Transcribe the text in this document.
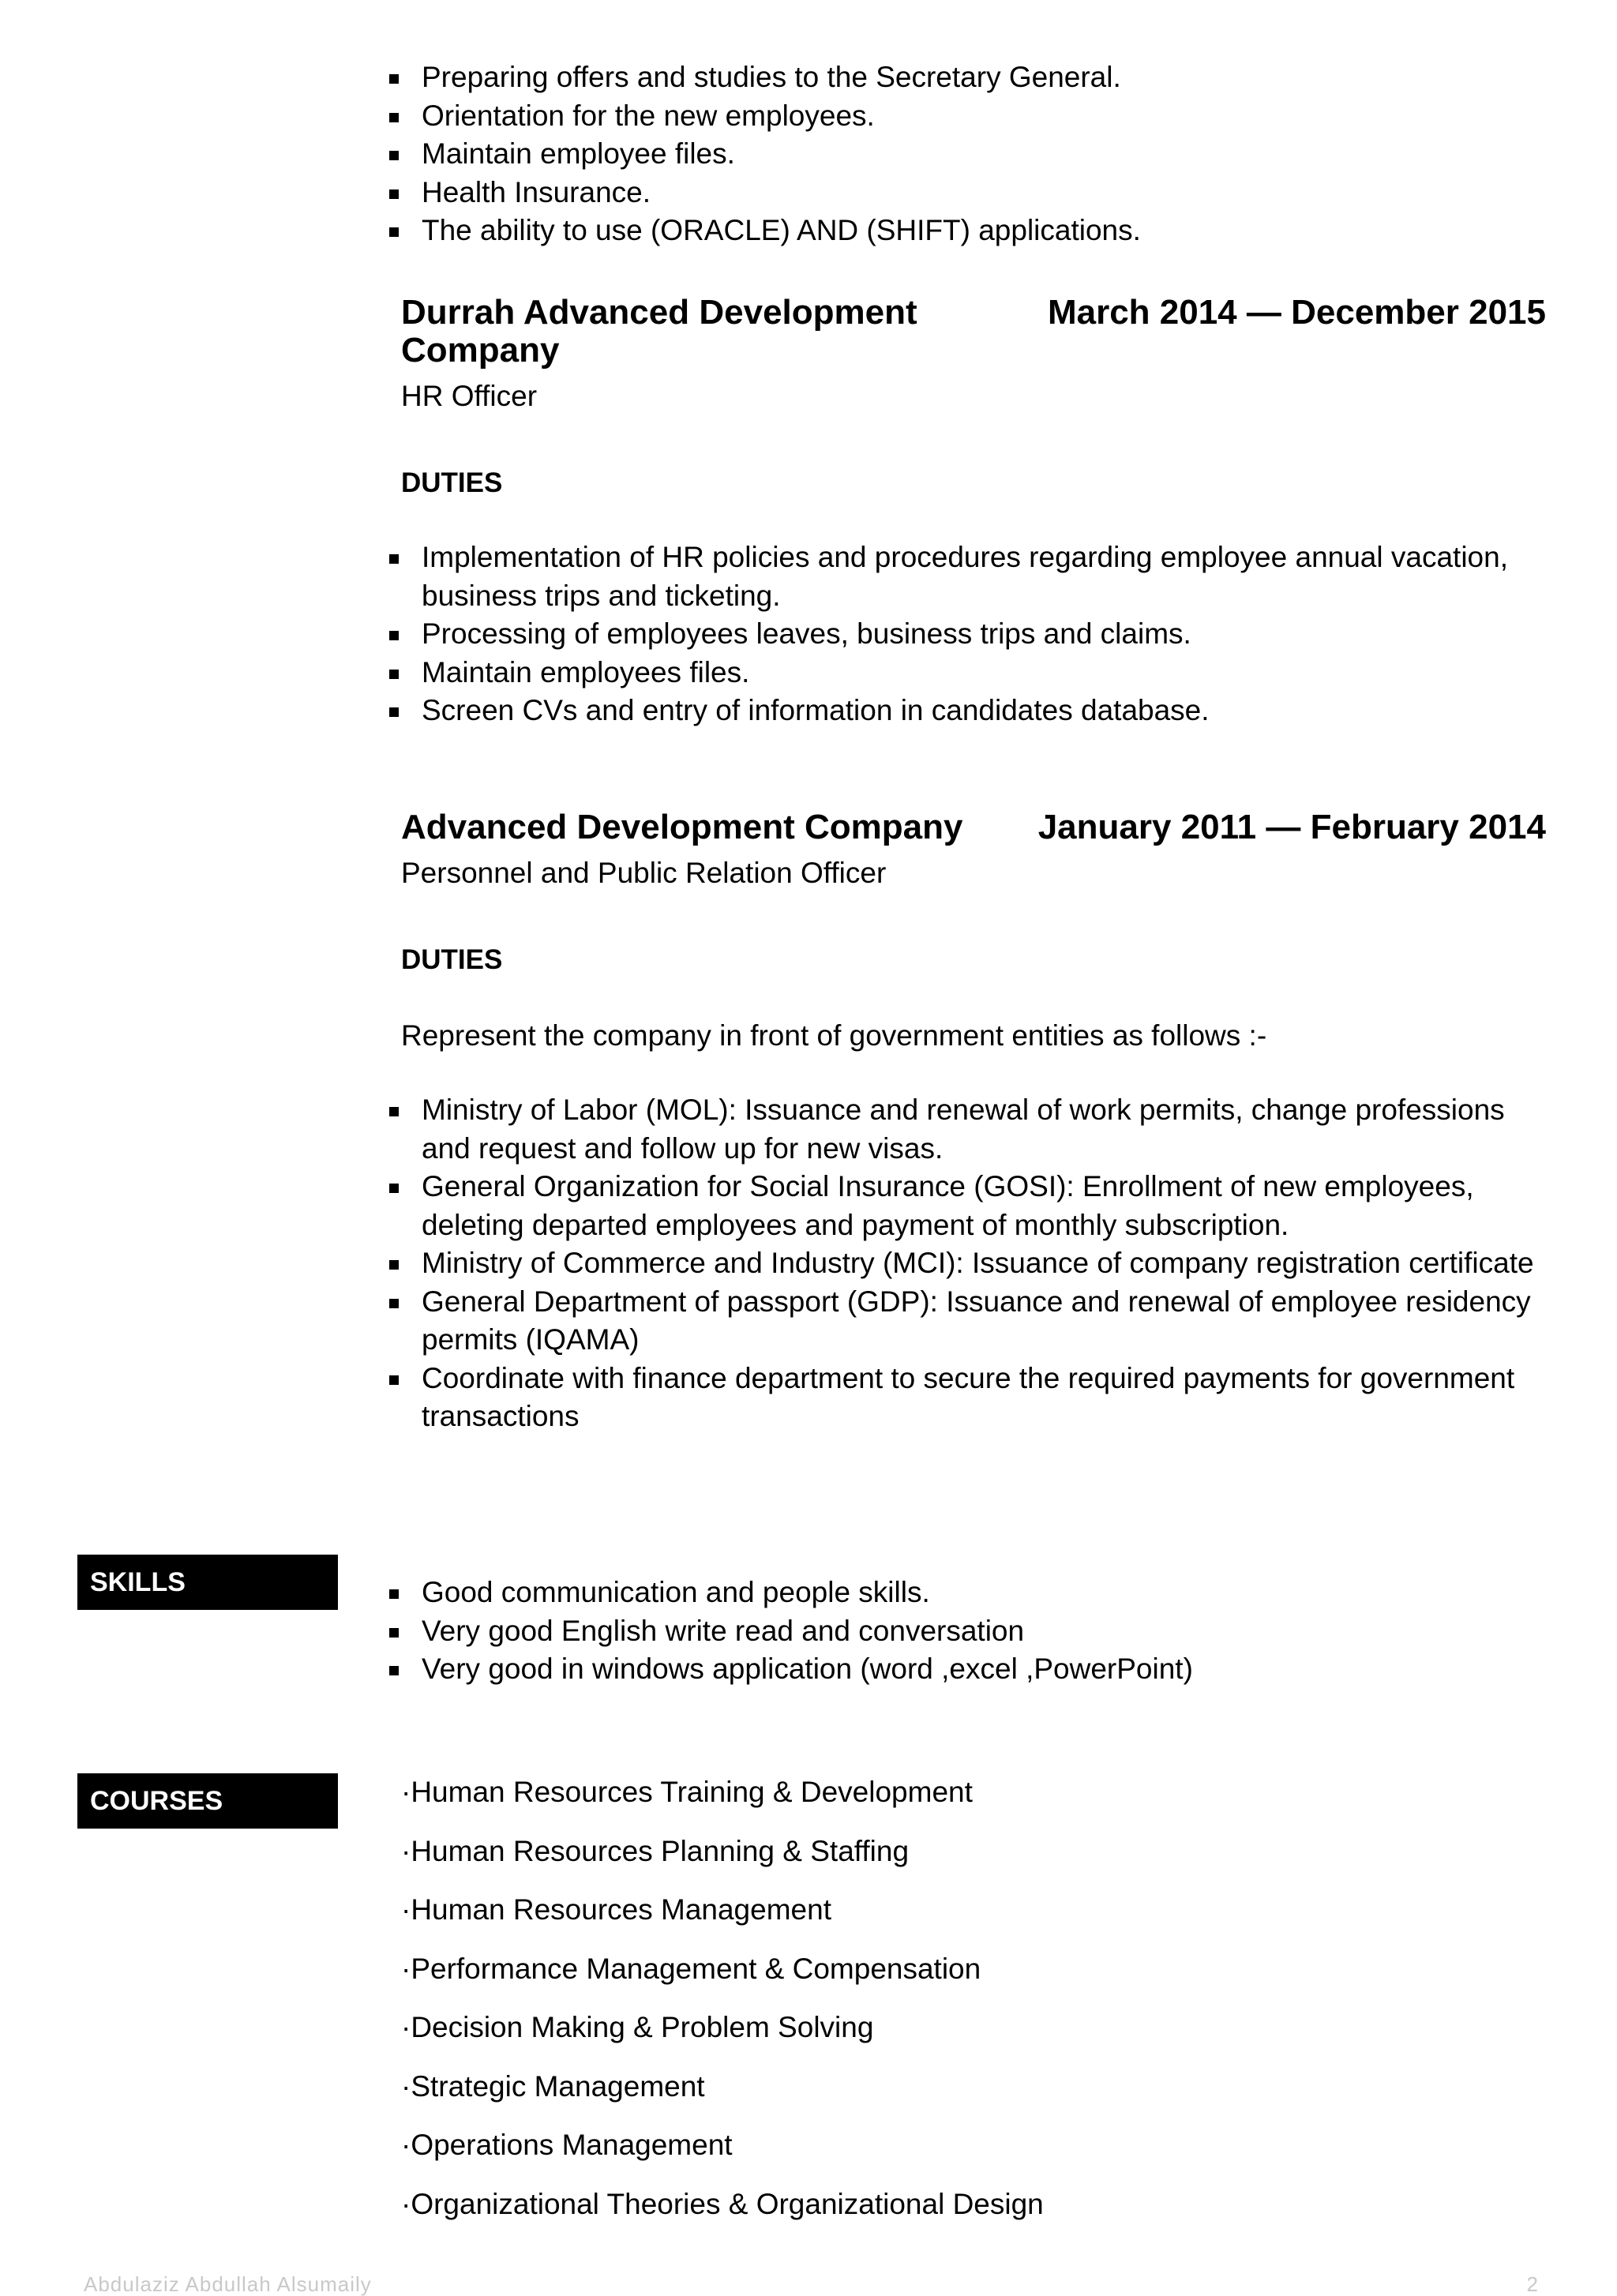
Preparing offers and studies to the Secretary General.
Orientation for the new employees.
Maintain employee files.
Health Insurance.
The ability to use (ORACLE) AND (SHIFT) applications.
Durrah Advanced Development Company
March 2014 — December 2015
HR Officer
DUTIES
Implementation of HR policies and procedures regarding employee annual vacation, business trips and ticketing.
Processing of employees leaves, business trips and claims.
Maintain employees files.
Screen CVs and entry of information in candidates database.
Advanced Development Company January 2011 — February 2014
Personnel and Public Relation Officer
DUTIES
Represent the company in front of government entities as follows :-
Ministry of Labor (MOL): Issuance and renewal of work permits, change professions and request and follow up for new visas.
General Organization for Social Insurance (GOSI): Enrollment of new employees, deleting departed employees and payment of monthly subscription.
Ministry of Commerce and Industry (MCI): Issuance of company registration certificate
General Department of passport (GDP): Issuance and renewal of employee residency permits (IQAMA)
Coordinate with finance department to secure the required payments for government transactions
SKILLS	Good communication and people skills.
Very good English write read and conversation
Very good in windows application (word ,excel ,PowerPoint)
COURSES	·Human Resources Training & Development
·Human Resources Planning & Staffing
·Human Resources Management
·Performance Management & Compensation
·Decision Making & Problem Solving
·Strategic Management
·Operations Management
·Organizational Theories & Organizational Design
Abdulaziz Abdullah Alsumaily	2
